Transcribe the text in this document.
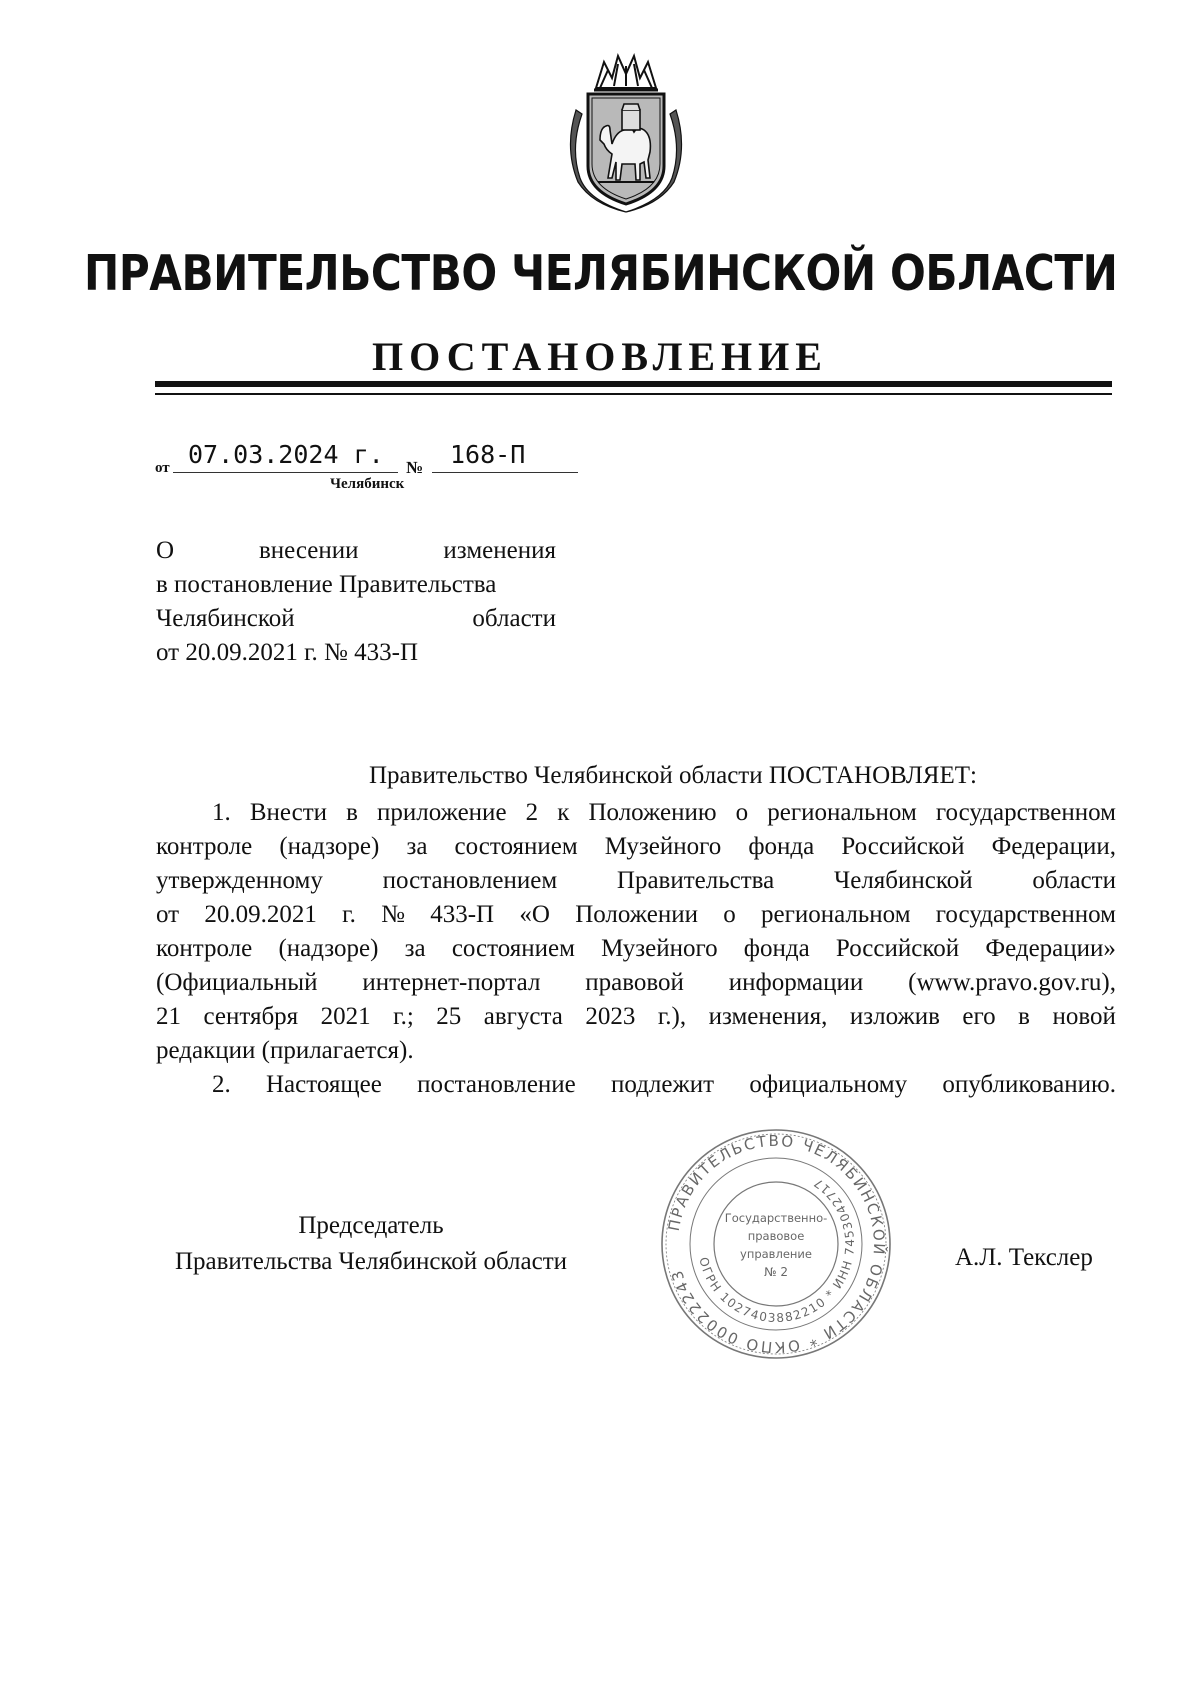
ПРАВИТЕЛЬСТВО ЧЕЛЯБИНСКОЙ ОБЛАСТИ
ПОСТАНОВЛЕНИЕ
от 07.03.2024 г. № 168-П
Челябинск
О	внесении	изменения
в постановление Правительства
Челябинской	области
от 20.09.2021 г. № 433-П
Правительство Челябинской области ПОСТАНОВЛЯЕТ:
1. Внести в приложение 2 к Положению о региональном государственном
контроле (надзоре) за состоянием Музейного фонда Российской Федерации,
утвержденному постановлением Правительства Челябинской области
от 20.09.2021 г. № 433-П «О Положении о региональном государственном
контроле (надзоре) за состоянием Музейного фонда Российской Федерации»
(Официальный интернет-портал правовой информации (www.pravo.gov.ru),
21 сентября 2021 г.; 25 августа 2023 г.), изменения, изложив его в новой
редакции (прилагается).
2. Настоящее постановление подлежит официальному опубликованию.
Председатель
Правительства Челябинской области
ПРАВИТЕЛЬСТВО ЧЕЛЯБИНСКОЙ ОБЛАСТИ * ОКПО 00022243
ОГРН 1027403882210 * ИНН 7453042717
Государственно-
правовое
управление
№ 2
А.Л. Текслер
